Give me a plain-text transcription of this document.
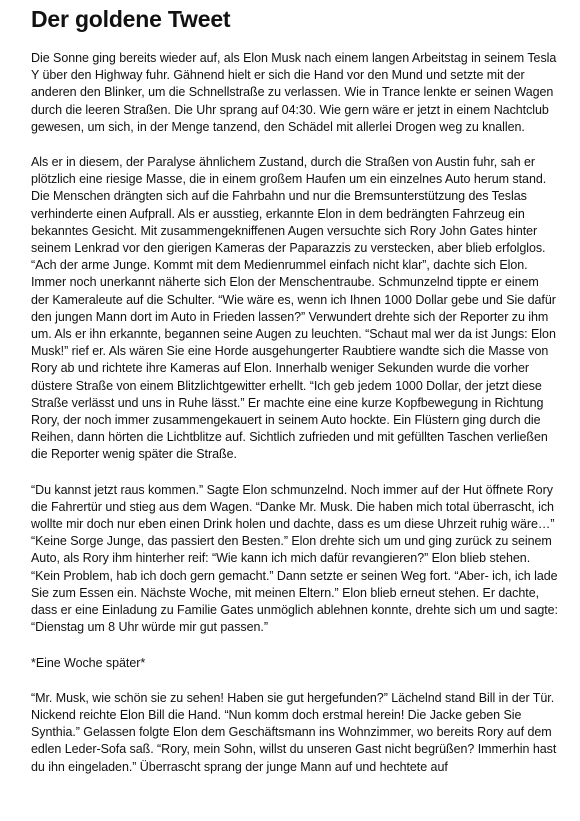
Der goldene Tweet

Die Sonne ging bereits wieder auf, als Elon Musk nach einem langen Arbeitstag in seinem Tesla Y über den Highway fuhr. Gähnend hielt er sich die Hand vor den Mund und setzte mit der anderen den Blinker, um die Schnellstraße zu verlassen. Wie in Trance lenkte er seinen Wagen durch die leeren Straßen. Die Uhr sprang auf 04:30. Wie gern wäre er jetzt in einem Nachtclub gewesen, um sich, in der Menge tanzend, den Schädel mit allerlei Drogen weg zu knallen.

Als er in diesem, der Paralyse ähnlichem Zustand, durch die Straßen von Austin fuhr, sah er plötzlich eine riesige Masse, die in einem großem Haufen um ein einzelnes Auto herum stand. Die Menschen drängten sich auf die Fahrbahn und nur die Bremsunterstützung des Teslas verhinderte einen Aufprall. Als er ausstieg, erkannte Elon in dem bedrängten Fahrzeug ein bekanntes Gesicht. Mit zusammengekniffenen Augen versuchte sich Rory John Gates hinter seinem Lenkrad vor den gierigen Kameras der Paparazzis zu verstecken, aber blieb erfolglos. “Ach der arme Junge. Kommt mit dem Medienrummel einfach nicht klar”, dachte sich Elon. Immer noch unerkannt näherte sich Elon der Menschentraube. Schmunzelnd tippte er einem der Kameraleute auf die Schulter. “Wie wäre es, wenn ich Ihnen 1000 Dollar gebe und Sie dafür den jungen Mann dort im Auto in Frieden lassen?” Verwundert drehte sich der Reporter zu ihm um. Als er ihn erkannte, begannen seine Augen zu leuchten. “Schaut mal wer da ist Jungs: Elon Musk!” rief er. Als wären Sie eine Horde ausgehungerter Raubtiere wandte sich die Masse von Rory ab und richtete ihre Kameras auf Elon. Innerhalb weniger Sekunden wurde die vorher düstere Straße von einem Blitzlichtgewitter erhellt. “Ich geb jedem 1000 Dollar, der jetzt diese Straße verlässt und uns in Ruhe lässt.” Er machte eine eine kurze Kopfbewegung in Richtung Rory, der noch immer zusammengekauert in seinem Auto hockte. Ein Flüstern ging durch die Reihen, dann hörten die Lichtblitze auf. Sichtlich zufrieden und mit gefüllten Taschen verließen die Reporter wenig später die Straße.

“Du kannst jetzt raus kommen.” Sagte Elon schmunzelnd. Noch immer auf der Hut öffnete Rory die Fahrertür und stieg aus dem Wagen. “Danke Mr. Musk. Die haben mich total überrascht, ich wollte mir doch nur eben einen Drink holen und dachte, dass es um diese Uhrzeit ruhig wäre…”

“Keine Sorge Junge, das passiert den Besten.” Elon drehte sich um und ging zurück zu seinem Auto, als Rory ihm hinterher reif: “Wie kann ich mich dafür revangieren?” Elon blieb stehen. “Kein Problem, hab ich doch gern gemacht.” Dann setzte er seinen Weg fort. “Aber- ich, ich lade Sie zum Essen ein. Nächste Woche, mit meinen Eltern.” Elon blieb erneut stehen. Er dachte, dass er eine Einladung zu Familie Gates unmöglich ablehnen konnte, drehte sich um und sagte: “Dienstag um 8 Uhr würde mir gut passen.”

*Eine Woche später*

“Mr. Musk, wie schön sie zu sehen! Haben sie gut hergefunden?” Lächelnd stand Bill in der Tür. Nickend reichte Elon Bill die Hand. “Nun komm doch erstmal herein! Die Jacke geben Sie Synthia.” Gelassen folgte Elon dem Geschäftsmann ins Wohnzimmer, wo bereits Rory auf dem edlen Leder-Sofa saß. “Rory, mein Sohn, willst du unseren Gast nicht begrüßen? Immerhin hast du ihn eingeladen.” Überrascht sprang der junge Mann auf und hechtete auf
